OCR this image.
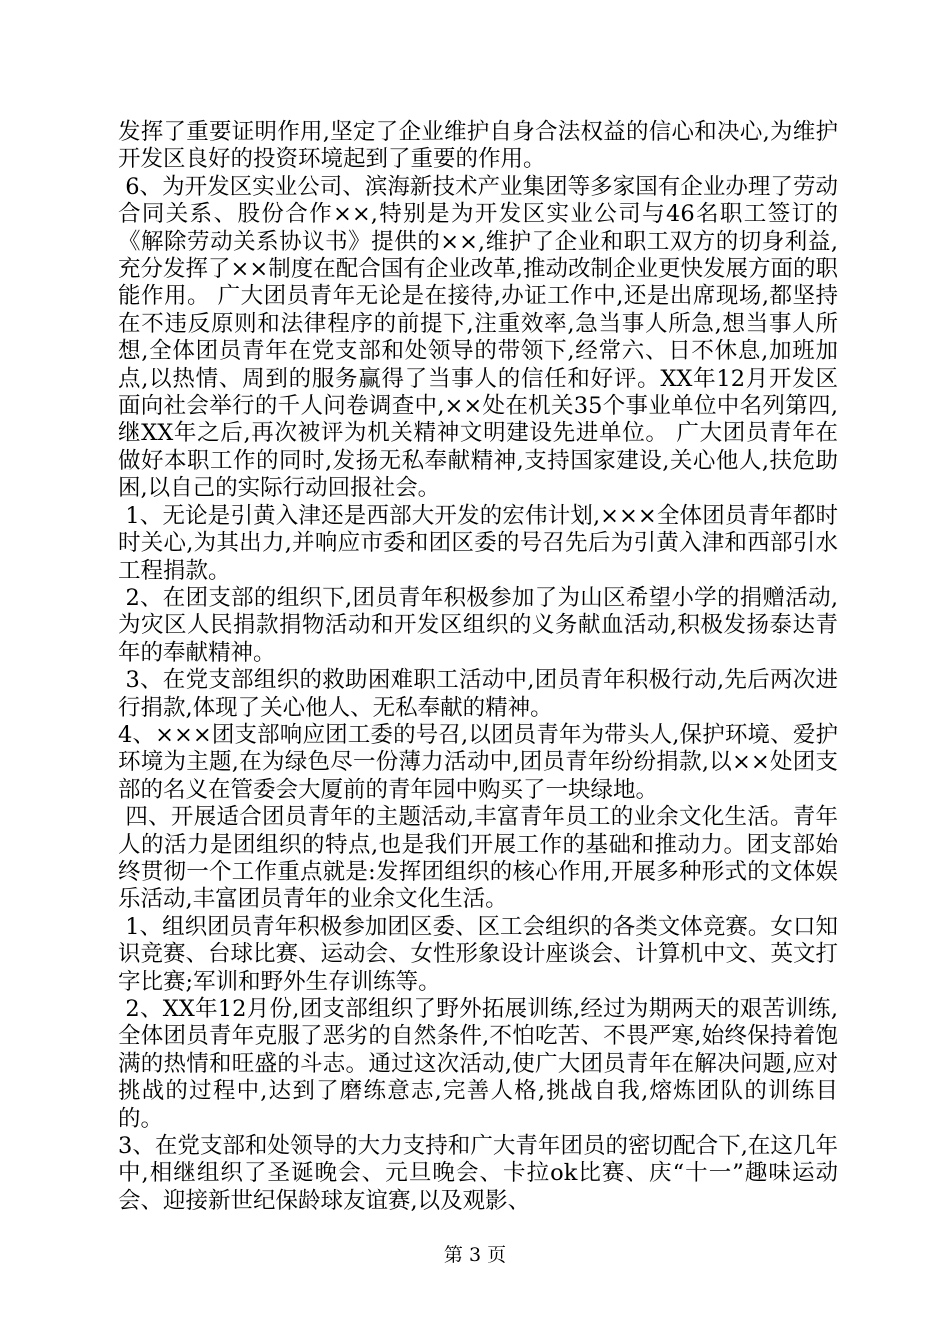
发挥了重要证明作用,坚定了企业维护自身合法权益的信心和决心,为维护开发区良好的投资环境起到了重要的作用。

6、为开发区实业公司、滨海新技术产业集团等多家国有企业办理了劳动合同关系、股份合作××,特别是为开发区实业公司与46名职工签订的《解除劳动关系协议书》提供的××,维护了企业和职工双方的切身利益,充分发挥了××制度在配合国有企业改革,推动改制企业更快发展方面的职能作用。 广大团员青年无论是在接待,办证工作中,还是出席现场,都坚持在不违反原则和法律程序的前提下,注重效率,急当事人所急,想当事人所想,全体团员青年在党支部和处领导的带领下,经常六、日不休息,加班加点,以热情、周到的服务赢得了当事人的信任和好评。XX年12月开发区面向社会举行的千人问卷调查中,××处在机关35个事业单位中名列第四,继XX年之后,再次被评为机关精神文明建设先进单位。 广大团员青年在做好本职工作的同时,发扬无私奉献精神,支持国家建设,关心他人,扶危助困,以自己的实际行动回报社会。

1、无论是引黄入津还是西部大开发的宏伟计划,×××全体团员青年都时时关心,为其出力,并响应市委和团区委的号召先后为引黄入津和西部引水工程捐款。

2、在团支部的组织下,团员青年积极参加了为山区希望小学的捐赠活动,为灾区人民捐款捐物活动和开发区组织的义务献血活动,积极发扬泰达青年的奉献精神。

3、在党支部组织的救助困难职工活动中,团员青年积极行动,先后两次进行捐款,体现了关心他人、无私奉献的精神。

4、×××团支部响应团工委的号召,以团员青年为带头人,保护环境、爱护环境为主题,在为绿色尽一份薄力活动中,团员青年纷纷捐款,以××处团支部的名义在管委会大厦前的青年园中购买了一块绿地。

四、开展适合团员青年的主题活动,丰富青年员工的业余文化生活。青年人的活力是团组织的特点,也是我们开展工作的基础和推动力。团支部始终贯彻一个工作重点就是:发挥团组织的核心作用,开展多种形式的文体娱乐活动,丰富团员青年的业余文化生活。

1、组织团员青年积极参加团区委、区工会组织的各类文体竞赛。女口知识竞赛、台球比赛、运动会、女性形象设计座谈会、计算机中文、英文打字比赛;军训和野外生存训练等。

2、XX年12月份,团支部组织了野外拓展训练,经过为期两天的艰苦训练,全体团员青年克服了恶劣的自然条件,不怕吃苦、不畏严寒,始终保持着饱满的热情和旺盛的斗志。通过这次活动,使广大团员青年在解决问题,应对挑战的过程中,达到了磨练意志,完善人格,挑战自我,熔炼团队的训练目的。

3、在党支部和处领导的大力支持和广大青年团员的密切配合下,在这几年中,相继组织了圣诞晚会、元旦晚会、卡拉ok比赛、庆“十一”趣味运动会、迎接新世纪保龄球友谊赛,以及观影、

第 3 页
